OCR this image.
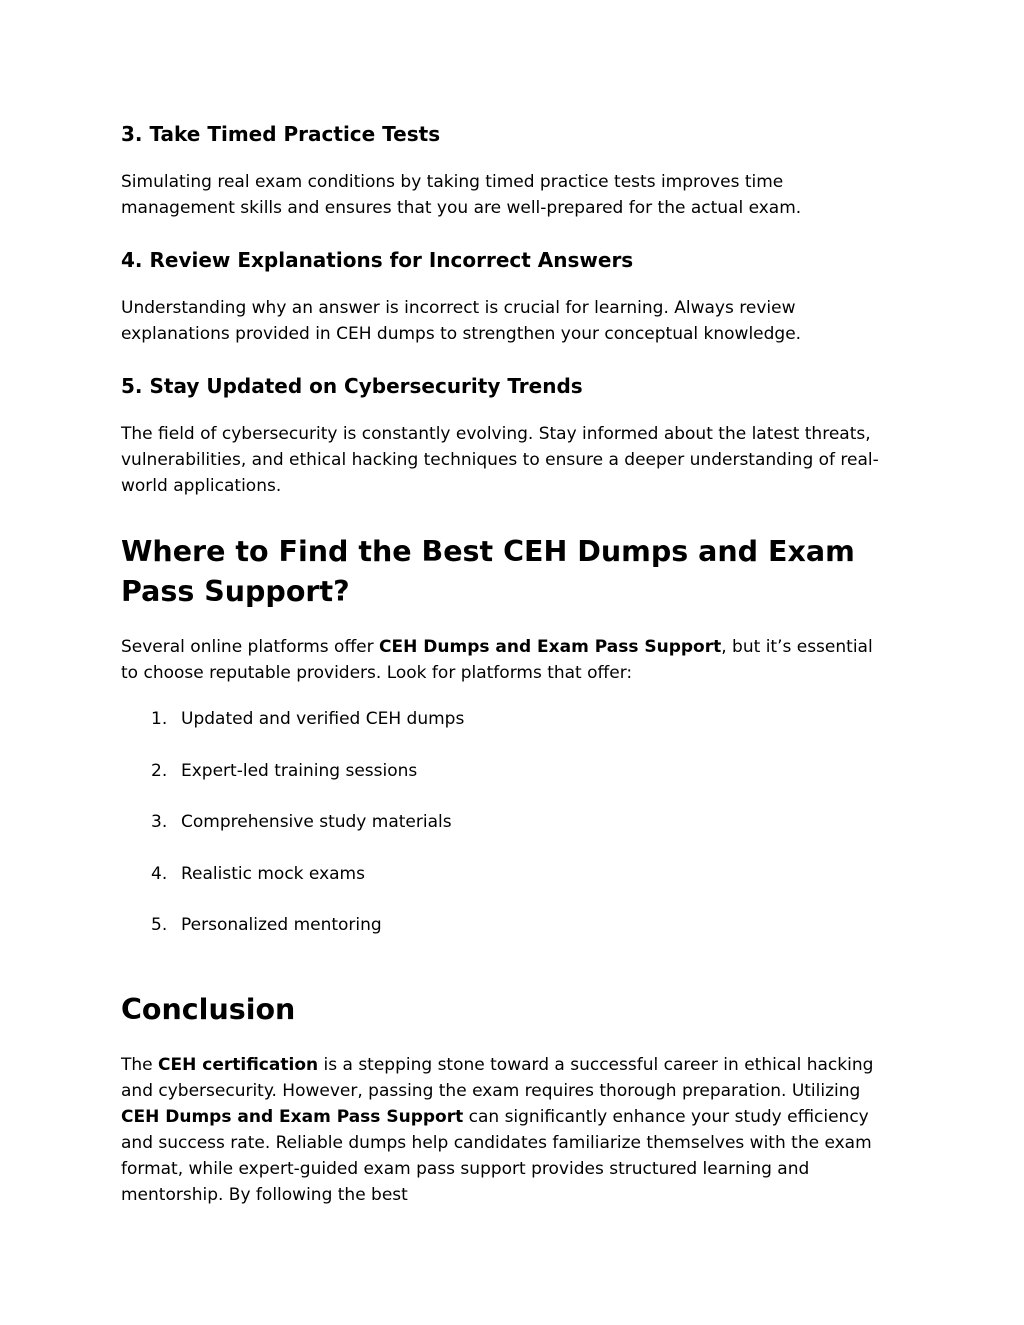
3. Take Timed Practice Tests

Simulating real exam conditions by taking timed practice tests improves time management skills and ensures that you are well-prepared for the actual exam.

4. Review Explanations for Incorrect Answers

Understanding why an answer is incorrect is crucial for learning. Always review explanations provided in CEH dumps to strengthen your conceptual knowledge.

5. Stay Updated on Cybersecurity Trends

The field of cybersecurity is constantly evolving. Stay informed about the latest threats, vulnerabilities, and ethical hacking techniques to ensure a deeper understanding of real-world applications.

Where to Find the Best CEH Dumps and Exam Pass Support?

Several online platforms offer CEH Dumps and Exam Pass Support, but it’s essential to choose reputable providers. Look for platforms that offer:

1. Updated and verified CEH dumps
2. Expert-led training sessions
3. Comprehensive study materials
4. Realistic mock exams
5. Personalized mentoring
Conclusion

The CEH certification is a stepping stone toward a successful career in ethical hacking and cybersecurity. However, passing the exam requires thorough preparation. Utilizing CEH Dumps and Exam Pass Support can significantly enhance your study efficiency and success rate. Reliable dumps help candidates familiarize themselves with the exam format, while expert-guided exam pass support provides structured learning and mentorship. By following the best
